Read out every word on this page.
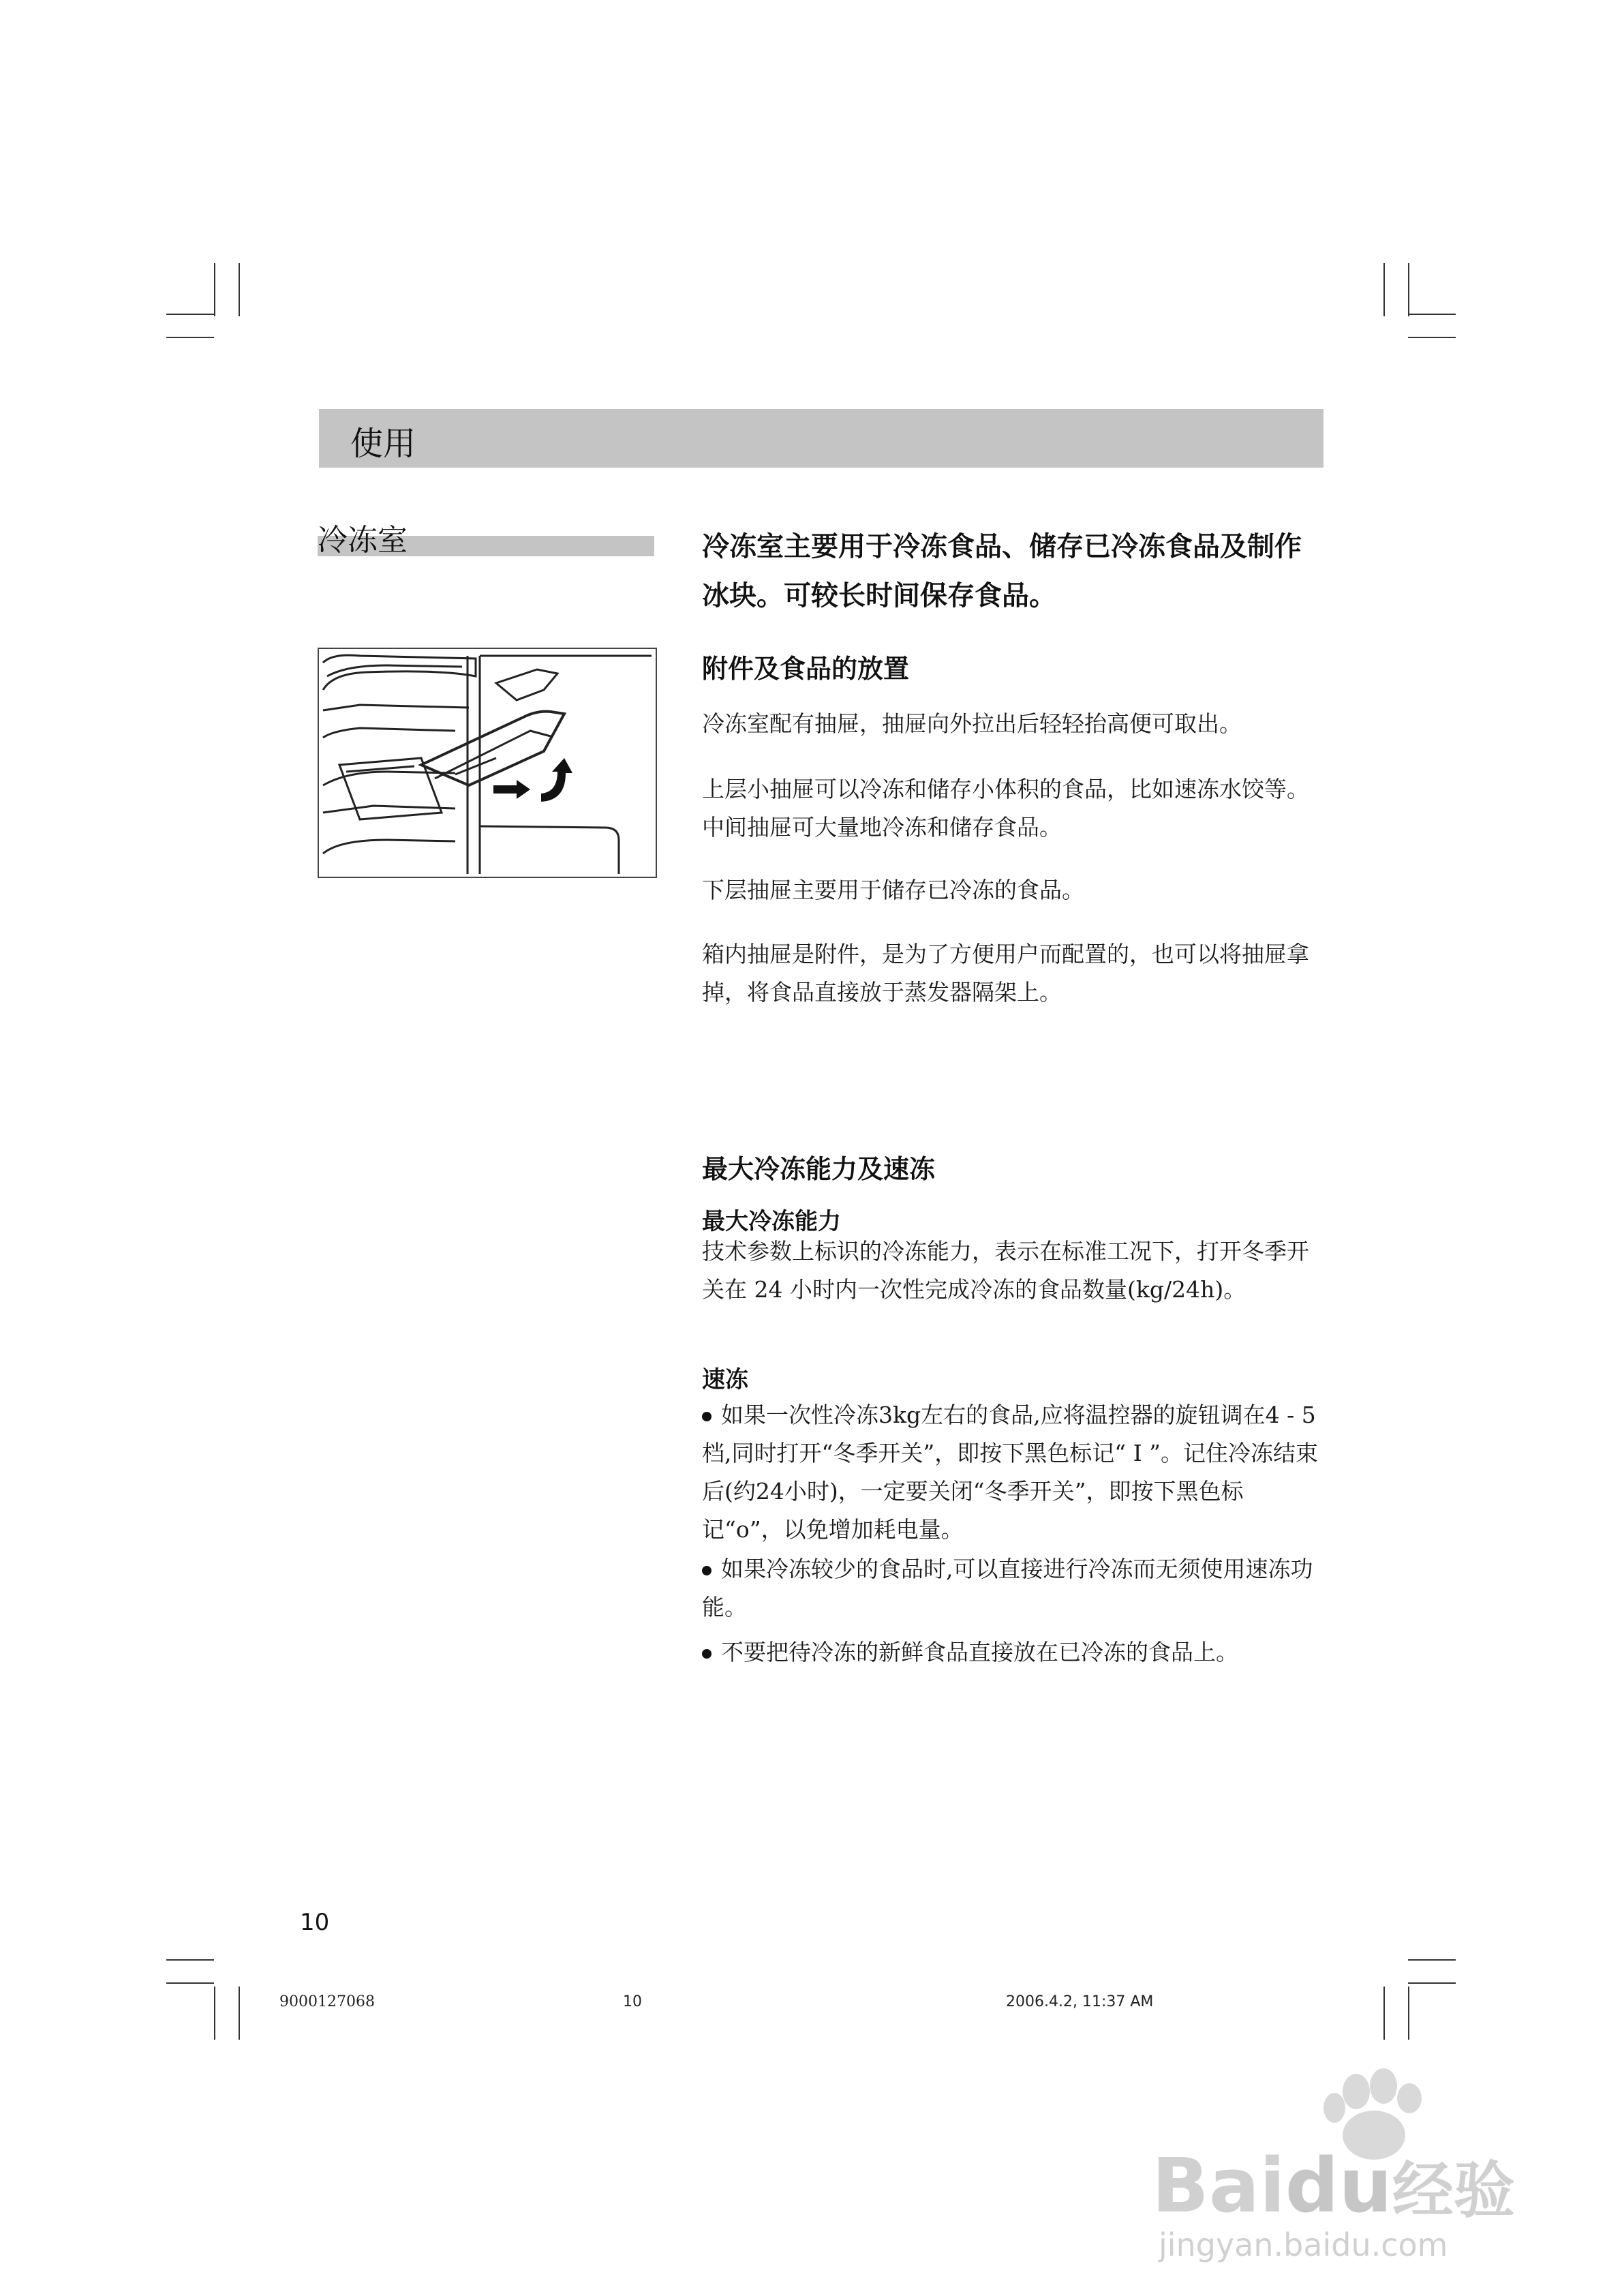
使用
冷冻室	冷冻室主要用于冷冻食品、储存已冷冻食品及制作冰块。可较长时间保存食品。
附件及食品的放置
冷冻室配有抽屉，抽屉向外拉出后轻轻抬高便可取出。
上层小抽屉可以冷冻和储存小体积的食品，比如速冻水饺等。中间抽屉可大量地冷冻和储存食品。
下层抽屉主要用于储存已冷冻的食品。
箱内抽屉是附件，是为了方便用户而配置的，也可以将抽屉拿掉，将食品直接放于蒸发器隔架上。
最大冷冻能力及速冻
最大冷冻能力
技术参数上标识的冷冻能力，表示在标准工况下，打开冬季开关在 24 小时内一次性完成冷冻的食品数量(kg/24h)。
速冻
如果一次性冷冻3kg左右的食品,应将温控器的旋钮调在4 - 5档,同时打开“冬季开关”，即按下黑色标记“ I ”。记住冷冻结束后(约24小时)，一定要关闭“冬季开关”，即按下黑色标记“o”，以免增加耗电量。
如果冷冻较少的食品时,可以直接进行冷冻而无须使用速冻功能。
不要把待冷冻的新鲜食品直接放在已冷冻的食品上。
10
9000127068	10	2006.4.2, 11:37 AM
Baidu经验
jingyan.baidu.com
